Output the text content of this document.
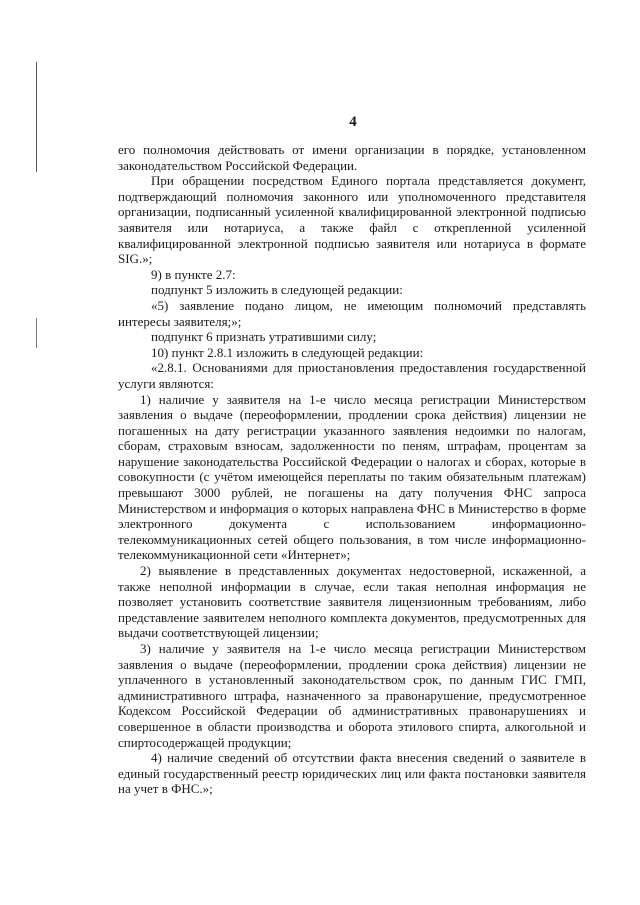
4

его полномочия действовать от имени организации в порядке, установленном законодательством Российской Федерации.

При обращении посредством Единого портала представляется документ, подтверждающий полномочия законного или уполномоченного представителя организации, подписанный усиленной квалифицированной электронной подписью заявителя или нотариуса, а также файл с открепленной усиленной квалифицированной электронной подписью заявителя или нотариуса в формате SIG.»;

9) в пункте 2.7:

подпункт 5 изложить в следующей редакции:

«5) заявление подано лицом, не имеющим полномочий представлять интересы заявителя;»;

подпункт 6 признать утратившими силу;

10) пункт 2.8.1 изложить в следующей редакции:

«2.8.1. Основаниями для приостановления предоставления государственной услуги являются:

1) наличие у заявителя на 1-е число месяца регистрации Министерством заявления о выдаче (переоформлении, продлении срока действия) лицензии не погашенных на дату регистрации указанного заявления недоимки по налогам, сборам, страховым взносам, задолженности по пеням, штрафам, процентам за нарушение законодательства Российской Федерации о налогах и сборах, которые в совокупности (с учётом имеющейся переплаты по таким обязательным платежам) превышают 3000 рублей, не погашены на дату получения ФНС запроса Министерством и информация о которых направлена ФНС в Министерство в форме электронного документа с использованием информационно-телекоммуникационных сетей общего пользования, в том числе информационно-телекоммуникационной сети «Интернет»;

2) выявление в представленных документах недостоверной, искаженной, а также неполной информации в случае, если такая неполная информация не позволяет установить соответствие заявителя лицензионным требованиям, либо представление заявителем неполного комплекта документов, предусмотренных для выдачи соответствующей лицензии;

3) наличие у заявителя на 1-е число месяца регистрации Министерством заявления о выдаче (переоформлении, продлении срока действия) лицензии не уплаченного в установленный законодательством срок, по данным ГИС ГМП, административного штрафа, назначенного за правонарушение, предусмотренное Кодексом Российской Федерации об административных правонарушениях и совершенное в области производства и оборота этилового спирта, алкогольной и спиртосодержащей продукции;

4) наличие сведений об отсутствии факта внесения сведений о заявителе в единый государственный реестр юридических лиц или факта постановки заявителя на учет в ФНС.»;
